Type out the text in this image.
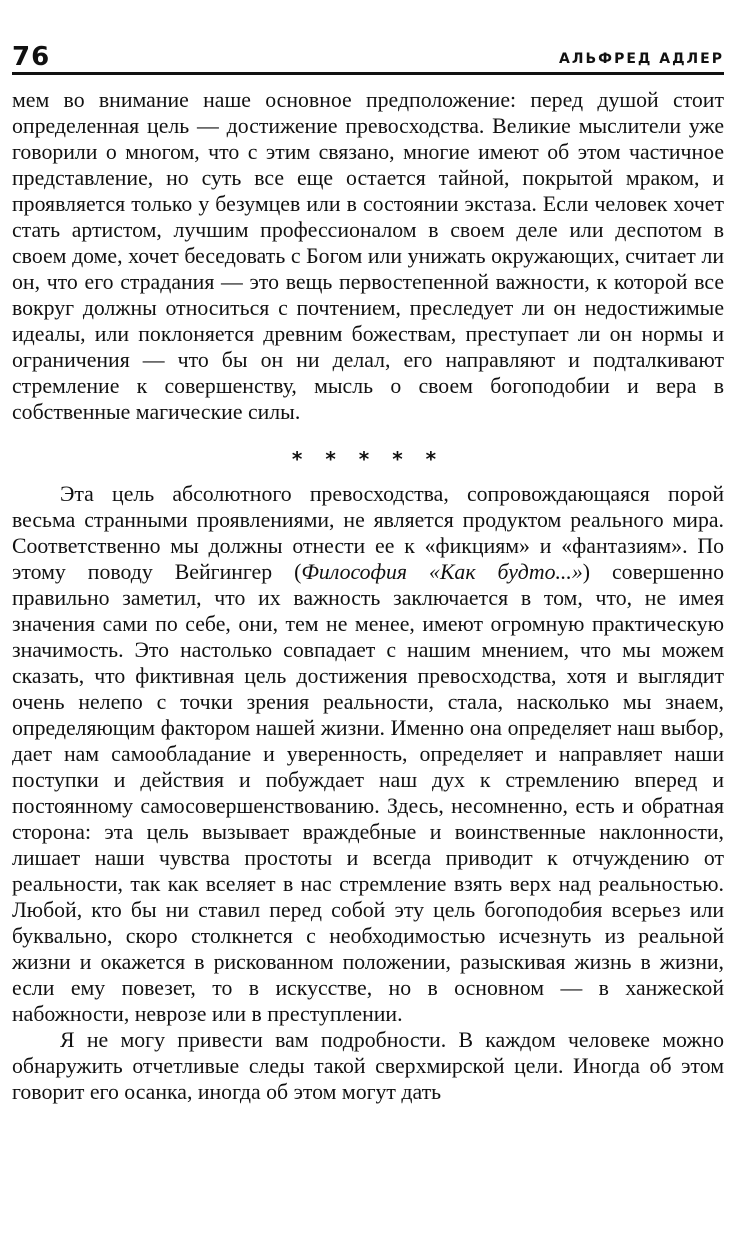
76	АЛЬФРЕД АДЛЕР

мем во внимание наше основное предположение: перед душой стоит определенная цель — достижение превосходства. Великие мыслители уже говорили о многом, что с этим связано, многие имеют об этом частичное представление, но суть все еще остается тайной, покрытой мраком, и проявляется только у безумцев или в состоянии экстаза. Если человек хочет стать артистом, лучшим профессионалом в своем деле или деспотом в своем доме, хочет беседовать с Богом или унижать окружающих, считает ли он, что его страдания — это вещь первостепенной важности, к которой все вокруг должны относиться с почтением, преследует ли он недостижимые идеалы, или поклоняется древним божествам, преступает ли он нормы и ограничения — что бы он ни делал, его направляют и подталкивают стремление к совершенству, мысль о своем богоподобии и вера в собственные магические силы.

* * * * *

Эта цель абсолютного превосходства, сопровождающаяся порой весьма странными проявлениями, не является продуктом реального мира. Соответственно мы должны отнести ее к «фикциям» и «фантазиям». По этому поводу Вейгингер (Философия «Как будто...») совершенно правильно заметил, что их важность заключается в том, что, не имея значения сами по себе, они, тем не менее, имеют огромную практическую значимость. Это настолько совпадает с нашим мнением, что мы можем сказать, что фиктивная цель достижения превосходства, хотя и выглядит очень нелепо с точки зрения реальности, стала, насколько мы знаем, определяющим фактором нашей жизни. Именно она определяет наш выбор, дает нам самообладание и уверенность, определяет и направляет наши поступки и действия и побуждает наш дух к стремлению вперед и постоянному самосовершенствованию. Здесь, несомненно, есть и обратная сторона: эта цель вызывает враждебные и воинственные наклонности, лишает наши чувства простоты и всегда приводит к отчуждению от реальности, так как вселяет в нас стремление взять верх над реальностью. Любой, кто бы ни ставил перед собой эту цель богоподобия всерьез или буквально, скоро столкнется с необходимостью исчезнуть из реальной жизни и окажется в рискованном положении, разыскивая жизнь в жизни, если ему повезет, то в искусстве, но в основном — в ханжеской набожности, неврозе или в преступлении.

Я не могу привести вам подробности. В каждом человеке можно обнаружить отчетливые следы такой сверхмирской цели. Иногда об этом говорит его осанка, иногда об этом могут дать
